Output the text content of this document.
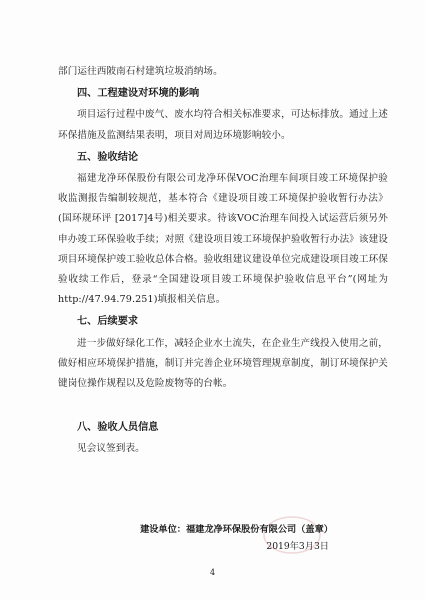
部门运往西陂南石村建筑垃圾消纳场。

四、工程建设对环境的影响

项目运行过程中废气、废水均符合相关标准要求，可达标排放。通过上述环保措施及监测结果表明，项目对周边环境影响较小。

五、验收结论

福建龙净环保股份有限公司龙净环保VOC治理车间项目竣工环境保护验收监测报告编制较规范，基本符合《建设项目竣工环境保护验收暂行办法》(国环规环评 [2017]4号)相关要求。待该VOC治理车间投入试运营后须另外申办竣工环保验收手续；对照《建设项目竣工环境保护验收暂行办法》该建设项目环境保护竣工验收总体合格。验收组建议建设单位完成建设项目竣工环保验收续工作后，登录“全国建设项目竣工环境保护验收信息平台”(网址为http://47.94.79.251)填报相关信息。

七、后续要求

进一步做好绿化工作，减轻企业水土流失，在企业生产线投入使用之前，做好相应环境保护措施，制订并完善企业环境管理规章制度，制订环境保护关键岗位操作规程以及危险废物等的台帐。

八、验收人员信息

见会议签到表。

建设单位：福建龙净环保股份有限公司（盖章）
2019年3月3日
4
